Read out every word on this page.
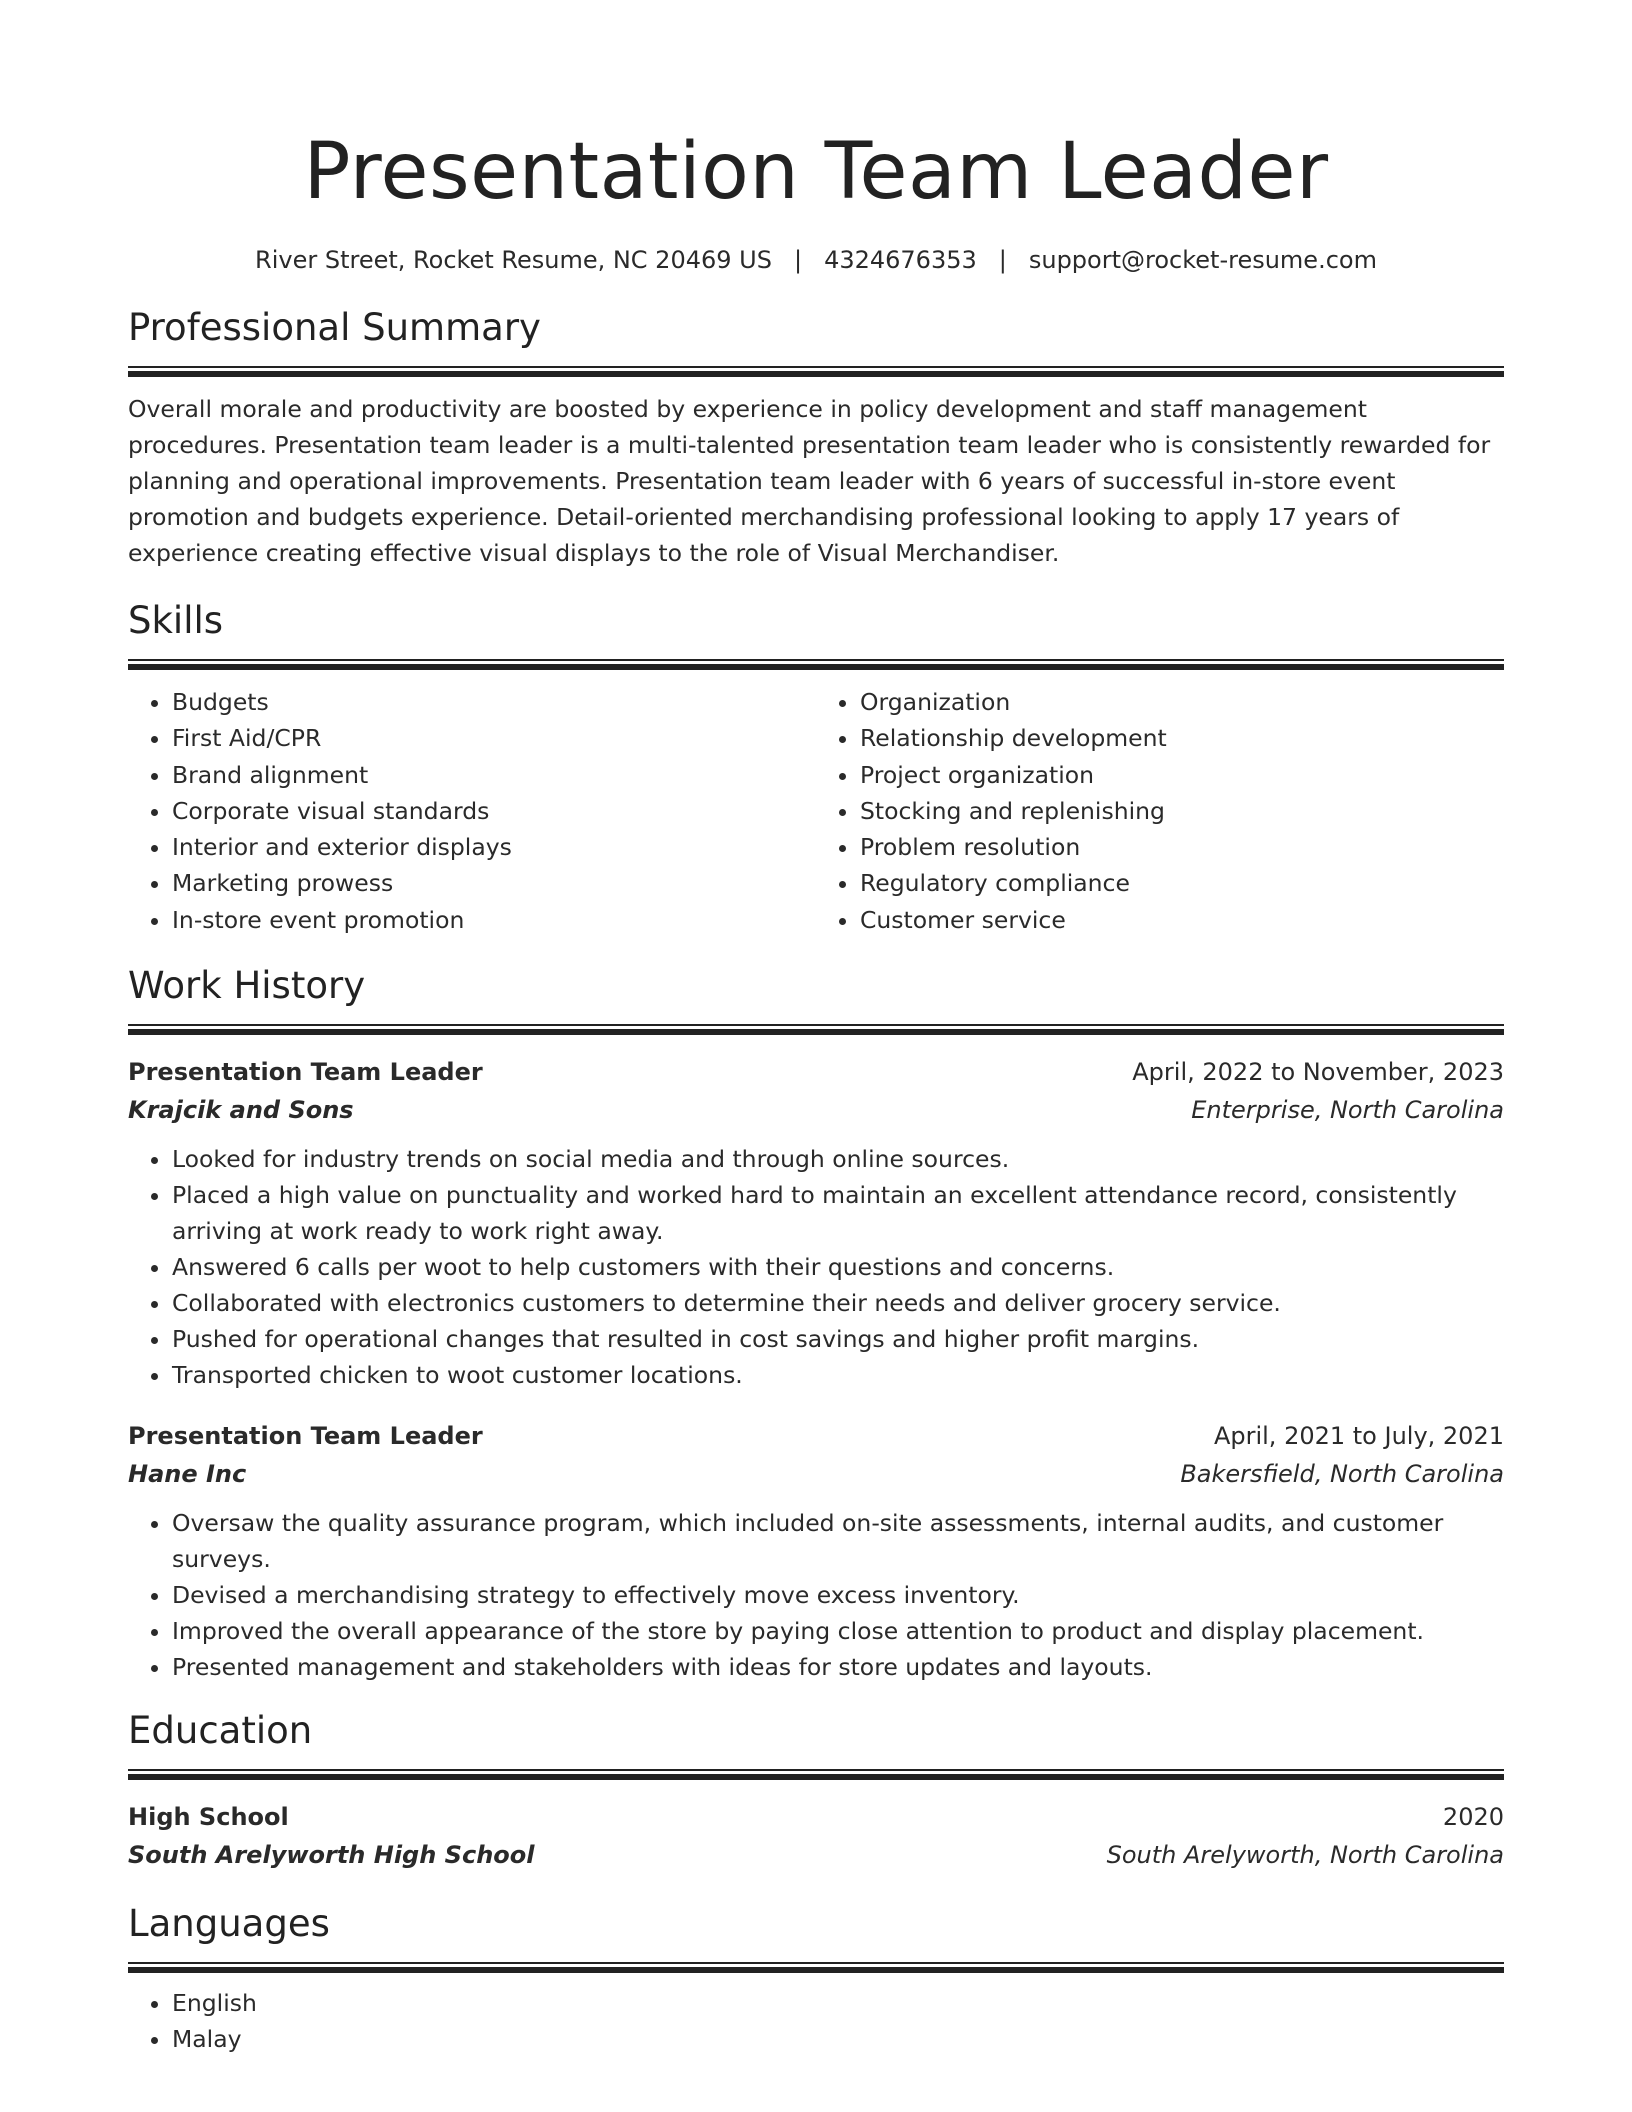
Presentation Team Leader
River Street, Rocket Resume, NC 20469 US | 4324676353 | support@rocket-resume.com
Professional Summary

Overall morale and productivity are boosted by experience in policy development and staff management procedures. Presentation team leader is a multi-talented presentation team leader who is consistently rewarded for planning and operational improvements. Presentation team leader with 6 years of successful in-store event promotion and budgets experience. Detail-oriented merchandising professional looking to apply 17 years of experience creating effective visual displays to the role of Visual Merchandiser.

Skills
• Budgets
• First Aid/CPR
• Brand alignment
• Corporate visual standards
• Interior and exterior displays
• Marketing prowess
• In-store event promotion
• Organization
• Relationship development
• Project organization
• Stocking and replenishing
• Problem resolution
• Regulatory compliance
• Customer service
Work History
Presentation Team Leader	April, 2022 to November, 2023
Krajcik and Sons	Enterprise, North Carolina
• Looked for industry trends on social media and through online sources.
• Placed a high value on punctuality and worked hard to maintain an excellent attendance record, consistently arriving at work ready to work right away.
• Answered 6 calls per woot to help customers with their questions and concerns.
• Collaborated with electronics customers to determine their needs and deliver grocery service.
• Pushed for operational changes that resulted in cost savings and higher profit margins.
• Transported chicken to woot customer locations.
Presentation Team Leader	April, 2021 to July, 2021
Hane Inc	Bakersfield, North Carolina
• Oversaw the quality assurance program, which included on-site assessments, internal audits, and customer surveys.
• Devised a merchandising strategy to effectively move excess inventory.
• Improved the overall appearance of the store by paying close attention to product and display placement.
• Presented management and stakeholders with ideas for store updates and layouts.
Education
High School	2020
South Arelyworth High School	South Arelyworth, North Carolina
Languages
• English
• Malay
